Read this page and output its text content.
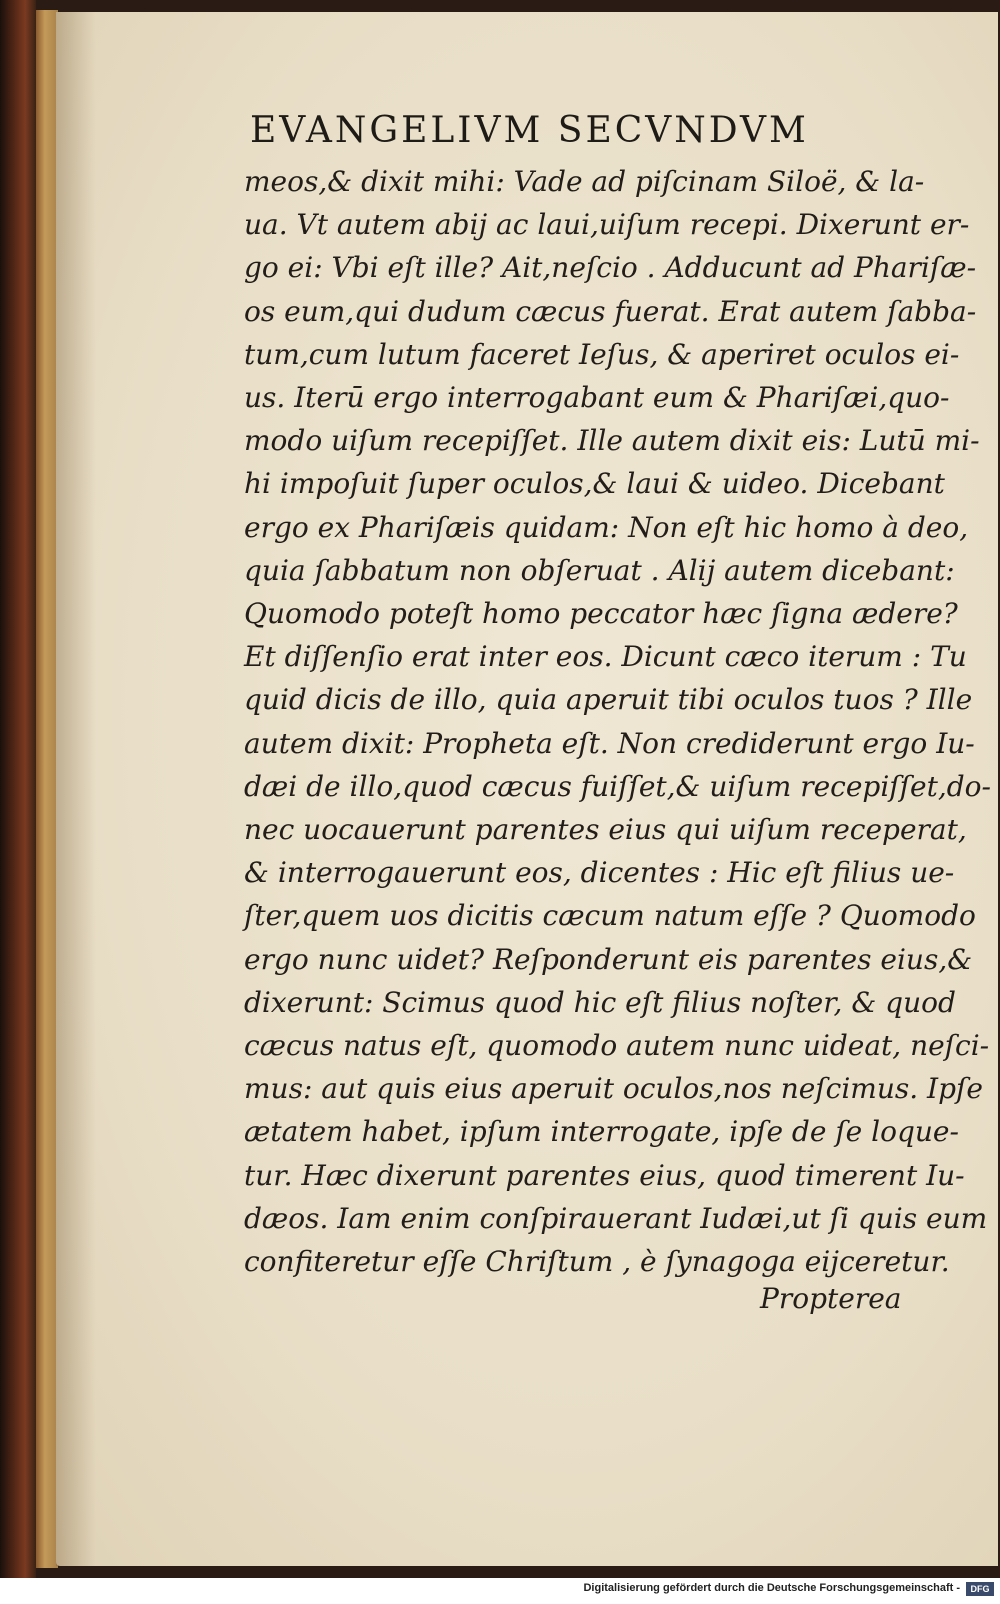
EVANGELIVM SECVNDVM
meos,& dixit mihi: Vade ad piſcinam Siloë, & la-
ua. Vt autem abij ac laui,uiſum recepi. Dixerunt er-
go ei: Vbi eſt ille? Ait,neſcio . Adducunt ad Phariſæ-
os eum,qui dudum cæcus fuerat. Erat autem ſabba-
tum,cum lutum faceret Ieſus, & aperiret oculos ei-
us. Iterū ergo interrogabant eum & Phariſæi,quo-
modo uiſum recepiſſet. Ille autem dixit eis: Lutū mi-
hi impoſuit ſuper oculos,& laui & uideo. Dicebant
ergo ex Phariſæis quidam: Non eſt hic homo à deo,
quia ſabbatum non obſeruat . Alij autem dicebant:
Quomodo poteſt homo peccator hæc ſigna ædere?
Et diſſenſio erat inter eos. Dicunt cæco iterum : Tu
quid dicis de illo, quia aperuit tibi oculos tuos ? Ille
autem dixit: Propheta eſt. Non crediderunt ergo Iu-
dæi de illo,quod cæcus fuiſſet,& uiſum recepiſſet,do-
nec uocauerunt parentes eius qui uiſum receperat,
& interrogauerunt eos, dicentes : Hic eſt filius ue-
ſter,quem uos dicitis cæcum natum eſſe ? Quomodo
ergo nunc uidet? Reſponderunt eis parentes eius,&
dixerunt: Scimus quod hic eſt filius noſter, & quod
cæcus natus eſt, quomodo autem nunc uideat, neſci-
mus: aut quis eius aperuit oculos,nos neſcimus. Ipſe
ætatem habet, ipſum interrogate, ipſe de ſe loque-
tur. Hæc dixerunt parentes eius, quod timerent Iu-
dæos. Iam enim conſpirauerant Iudæi,ut ſi quis eum
confiteretur eſſe Chriſtum , è ſynagoga eijceretur.
Propterea
Digitalisierung gefördert durch die Deutsche Forschungsgemeinschaft -	DFG
